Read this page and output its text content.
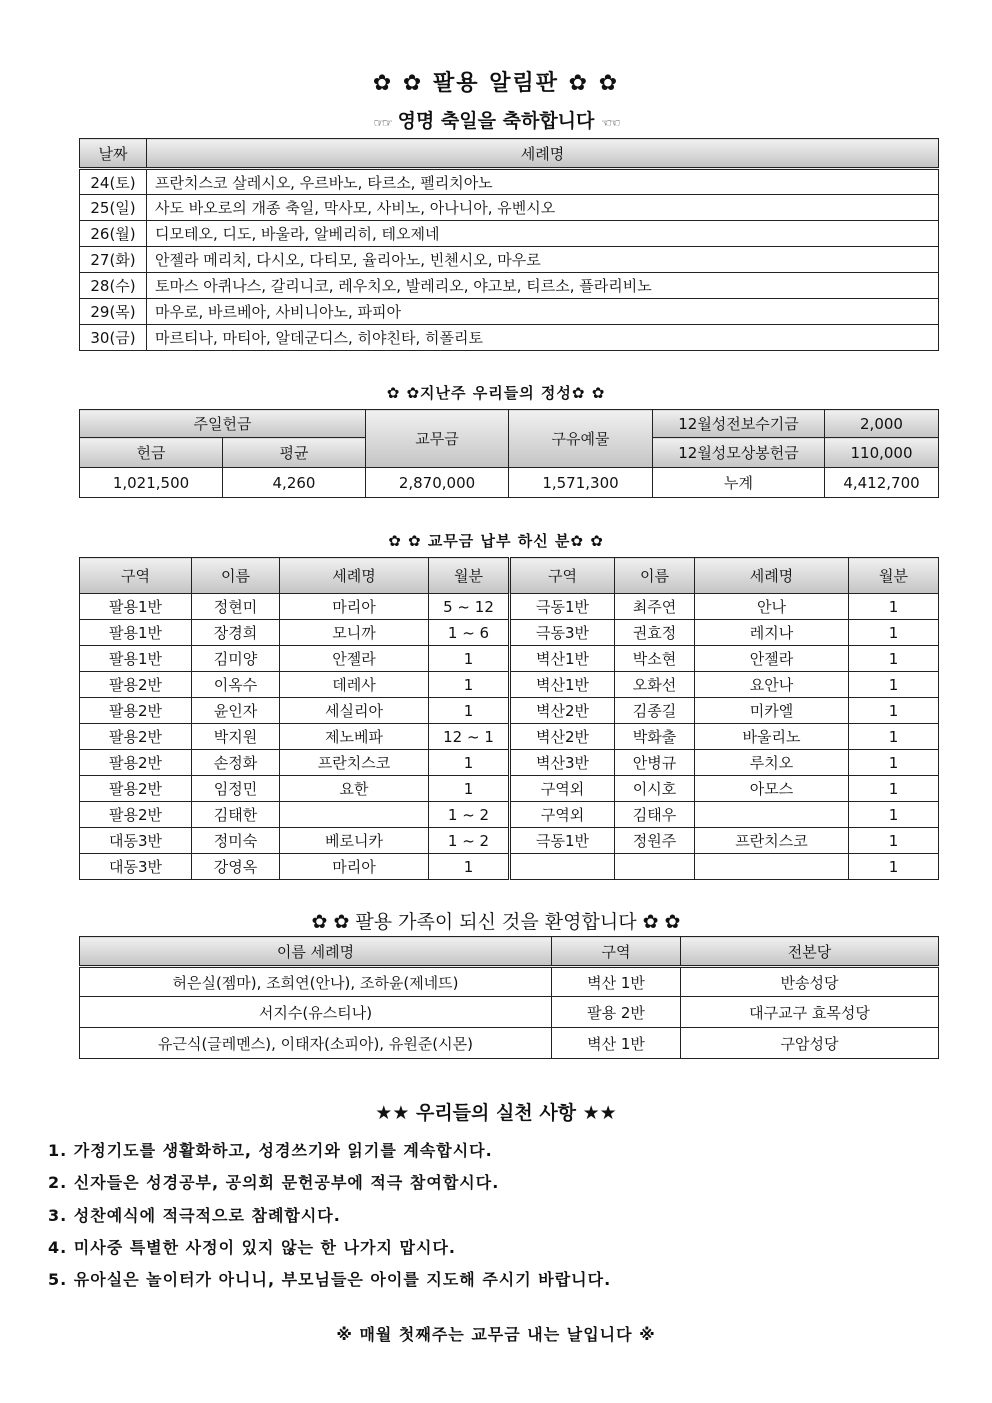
✿ ✿ 팔용 알림판 ✿ ✿
☞☞ 영명 축일을 축하합니다 ☜☜
날짜	세례명
24(토)	프란치스코 살레시오, 우르바노, 타르소, 펠리치아노
25(일)	사도 바오로의 개종 축일, 막사모, 사비노, 아나니아, 유벤시오
26(월)	디모테오, 디도, 바울라, 알베리히, 테오제네
27(화)	안젤라 메리치, 다시오, 다티모, 율리아노, 빈첸시오, 마우로
28(수)	토마스 아퀴나스, 갈리니코, 레우치오, 발레리오, 야고보, 티르소, 플라리비노
29(목)	마우로, 바르베아, 사비니아노, 파피아
30(금)	마르티나, 마티아, 알데군디스, 히야친타, 히폴리토
✿ ✿지난주 우리들의 정성✿ ✿
주일헌금		교무금	구유예물	12월성전보수기금	2,000
헌금	평균			12월성모상봉헌금	110,000
1,021,500	4,260	2,870,000	1,571,300	누계	4,412,700
✿ ✿ 교무금 납부 하신 분✿ ✿
구역	이름	세례명	월분	구역	이름	세례명	월분
팔용1반	정현미	마리아	5 ~ 12	극동1반	최주연	안나	1
팔용1반	장경희	모니까	1 ~ 6	극동3반	권효정	레지나	1
팔용1반	김미양	안젤라	1	벽산1반	박소현	안젤라	1
팔용2반	이옥수	데레사	1	벽산1반	오화선	요안나	1
팔용2반	윤인자	세실리아	1	벽산2반	김종길	미카엘	1
팔용2반	박지원	제노베파	12 ~ 1	벽산2반	박화출	바울리노	1
팔용2반	손정화	프란치스코	1	벽산3반	안병규	루치오	1
팔용2반	임정민	요한	1	구역외	이시호	아모스	1
팔용2반	김태한		1 ~ 2	구역외	김태우		1
대동3반	정미숙	베로니카	1 ~ 2	극동1반	정원주	프란치스코	1
대동3반	강영옥	마리아	1				1
✿ ✿ 팔용 가족이 되신 것을 환영합니다 ✿ ✿
이름 세례명	구역	전본당
허은실(젬마), 조희연(안나), 조하윤(제네뜨)	벽산 1반	반송성당
서지수(유스티나)	팔용 2반	대구교구 효목성당
유근식(글레멘스), 이태자(소피아), 유원준(시몬)	벽산 1반	구암성당
★★ 우리들의 실천 사항 ★★
1. 가정기도를 생활화하고, 성경쓰기와 읽기를 계속합시다.
2. 신자들은 성경공부, 공의회 문헌공부에 적극 참여합시다.
3. 성찬예식에 적극적으로 참례합시다.
4. 미사중 특별한 사정이 있지 않는 한 나가지 맙시다.
5. 유아실은 놀이터가 아니니, 부모님들은 아이를 지도해 주시기 바랍니다.
※ 매월 첫째주는 교무금 내는 날입니다 ※
